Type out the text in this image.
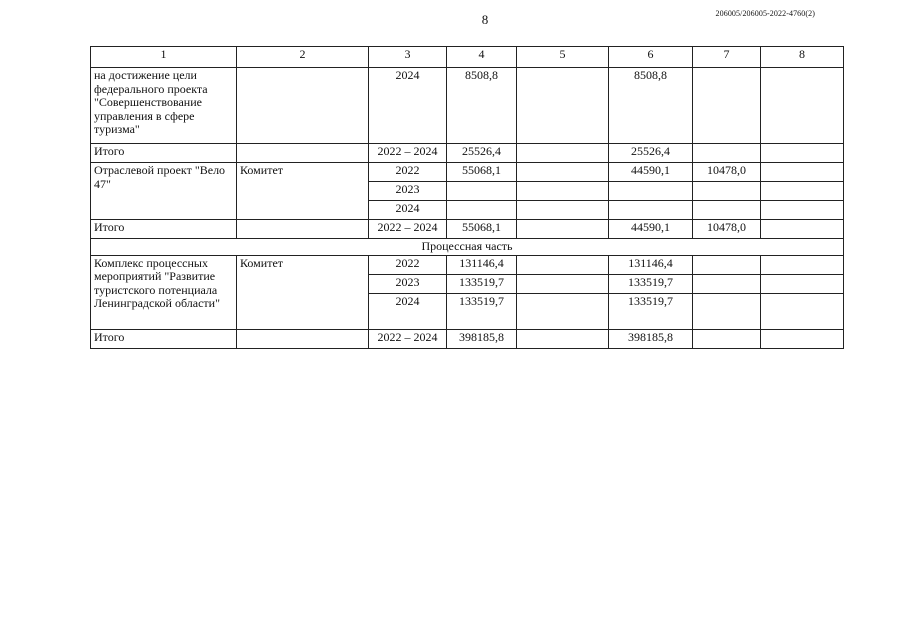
8	206005/206005-2022-4760(2)
1	2	3	4	5	6	7	8
на достижение цели федерального проекта "Совершенствование управления в сфере туризма"		2024	8508,8		8508,8		
Итого		2022 – 2024	25526,4		25526,4		
Отраслевой проект "Вело 47"	Комитет	2022	55068,1		44590,1	10478,0	
		2023					
		2024					
Итого		2022 – 2024	55068,1		44590,1	10478,0	
Процессная часть							
Комплекс процессных мероприятий "Развитие туристского потенциала Ленинградской области"	Комитет	2022	131146,4		131146,4		
		2023	133519,7		133519,7		
		2024	133519,7		133519,7		
Итого		2022 – 2024	398185,8		398185,8		
